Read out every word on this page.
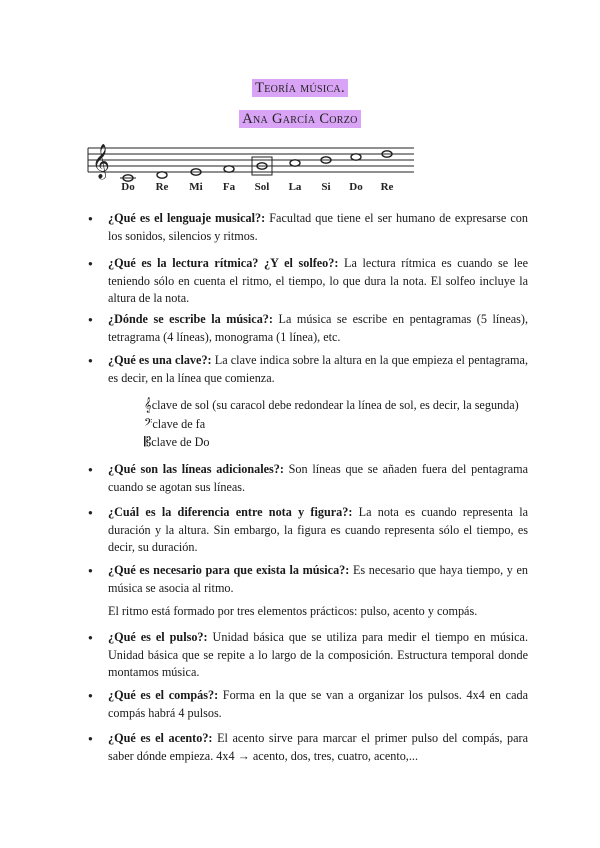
Teoría música.
Ana García Corzo
𝄞
Do Re Mi Fa Sol La Si Do Re
● ¿Qué es el lenguaje musical?: Facultad que tiene el ser humano de expresarse con los sonidos, silencios y ritmos.
● ¿Qué es la lectura rítmica? ¿Y el solfeo?: La lectura rítmica es cuando se lee teniendo sólo en cuenta el ritmo, el tiempo, lo que dura la nota. El solfeo incluye la altura de la nota.
● ¿Dónde se escribe la música?: La música se escribe en pentagramas (5 líneas), tetragrama (4 líneas), monograma (1 línea), etc.
● ¿Qué es una clave?: La clave indica sobre la altura en la que empieza el pentagrama, es decir, en la línea que comienza.
● ¿Qué son las líneas adicionales?: Son líneas que se añaden fuera del pentagrama cuando se agotan sus líneas.
● ¿Cuál es la diferencia entre nota y figura?: La nota es cuando representa la duración y la altura. Sin embargo, la figura es cuando representa sólo el tiempo, es decir, su duración.
● ¿Qué es necesario para que exista la música?: Es necesario que haya tiempo, y en música se asocia al ritmo.
● ¿Qué es el pulso?: Unidad básica que se utiliza para medir el tiempo en música. Unidad básica que se repite a lo largo de la composición. Estructura temporal donde montamos música.
● ¿Qué es el compás?: Forma en la que se van a organizar los pulsos. 4x4 en cada compás habrá 4 pulsos.
● ¿Qué es el acento?: El acento sirve para marcar el primer pulso del compás, para saber dónde empieza. 4x4 → acento, dos, tres, cuatro, acento,...
𝄞clave de sol (su caracol debe redondear la línea de sol, es decir, la segunda)
𝄢clave de fa
𝄡clave de Do
El ritmo está formado por tres elementos prácticos: pulso, acento y compás.
